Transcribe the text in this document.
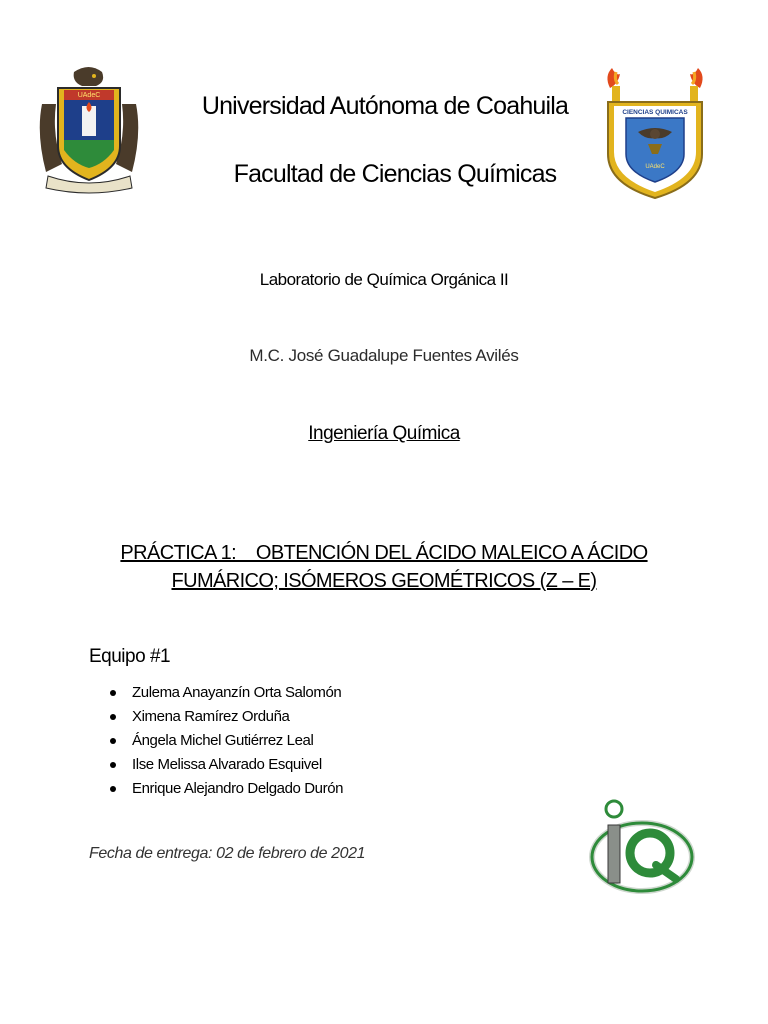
UAdeC
CIENCIAS QUIMICAS
UAdeC
Universidad Autónoma de Coahuila
Facultad de Ciencias Químicas
Laboratorio de Química Orgánica II
M.C. José Guadalupe Fuentes Avilés
Ingeniería Química
PRÁCTICA 1:    OBTENCIÓN DEL ÁCIDO MALEICO A ÁCIDO
FUMÁRICO; ISÓMEROS GEOMÉTRICOS (Z – E)
Equipo #1
Zulema Anayanzín Orta Salomón
Ximena Ramírez Orduña
Ángela Michel Gutiérrez Leal
Ilse Melissa Alvarado Esquivel
Enrique Alejandro Delgado Durón
Fecha de entrega: 02 de febrero de 2021
IQ
